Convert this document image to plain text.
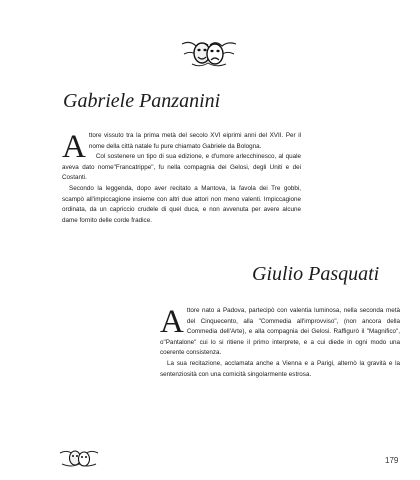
Gabriele Panzanini

Attore vissuto tra la prima metà del secolo XVI eiprimi anni del XVII. Per il nome della città natale fu pure chiamato Gabriele da Bologna.

Col sostenere un tipo di sua edizione, e d'umore arlecchinesco, al quale aveva dato nome"Francatrippe", fu nella compagnia dei Gelosi, degli Uniti e dei Costanti.

Secondo la leggenda, dopo aver recitato a Mantova, la favola dei Tre gobbi, scampò all'impiccagione insieme con altri due attori non meno valenti. Impiccagione ordinata, da un capriccio crudele di quel duca, e non avvenuta per avere alcune dame fornito delle corde fradice.

Giulio Pasquati

Attore nato a Padova, partecipò con valentia luminosa, nella seconda metà del Cinquecento, alla "Commedia all'improvviso", (non ancora della Commedia dell'Arte), e alla compagnia dei Gelosi. Raffigurò il "Magnifico", o"Pantalone" cui lo si ritiene il primo interprete, e a cui diede in ogni modo una coerente consistenza.

La sua recitazione, acclamata anche a Vienna e a Parigi, alternò la gravità e la sentenziosità con una comicità singolarmente estrosa.

179
